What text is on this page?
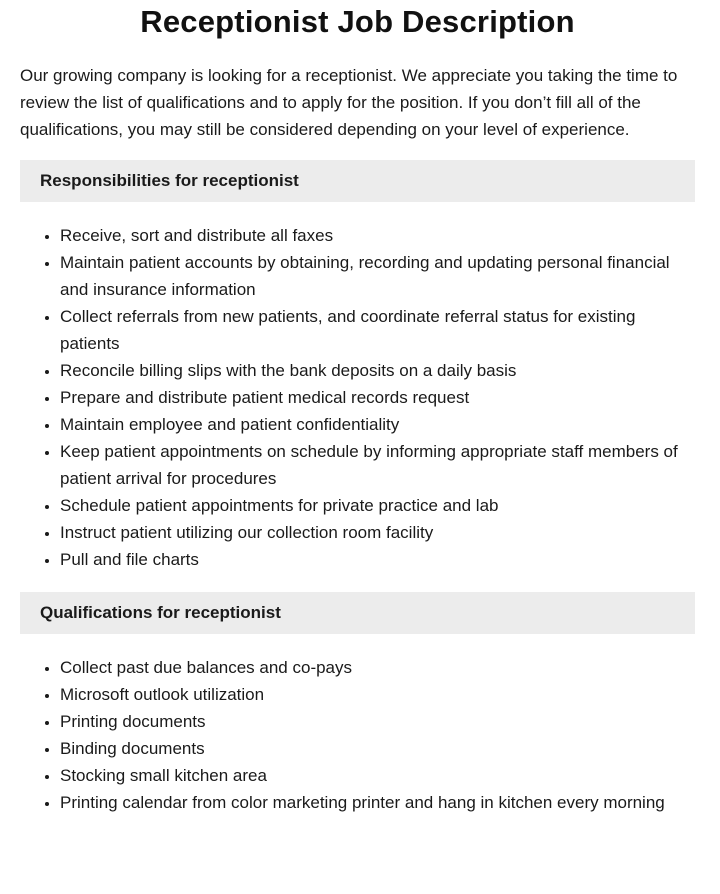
Receptionist Job Description

Our growing company is looking for a receptionist. We appreciate you taking the time to review the list of qualifications and to apply for the position. If you don’t fill all of the qualifications, you may still be considered depending on your level of experience.

Responsibilities for receptionist
• Receive, sort and distribute all faxes
• Maintain patient accounts by obtaining, recording and updating personal financial and insurance information
• Collect referrals from new patients, and coordinate referral status for existing patients
• Reconcile billing slips with the bank deposits on a daily basis
• Prepare and distribute patient medical records request
• Maintain employee and patient confidentiality
• Keep patient appointments on schedule by informing appropriate staff members of patient arrival for procedures
• Schedule patient appointments for private practice and lab
• Instruct patient utilizing our collection room facility
• Pull and file charts
Qualifications for receptionist
• Collect past due balances and co-pays
• Microsoft outlook utilization
• Printing documents
• Binding documents
• Stocking small kitchen area
• Printing calendar from color marketing printer and hang in kitchen every morning
